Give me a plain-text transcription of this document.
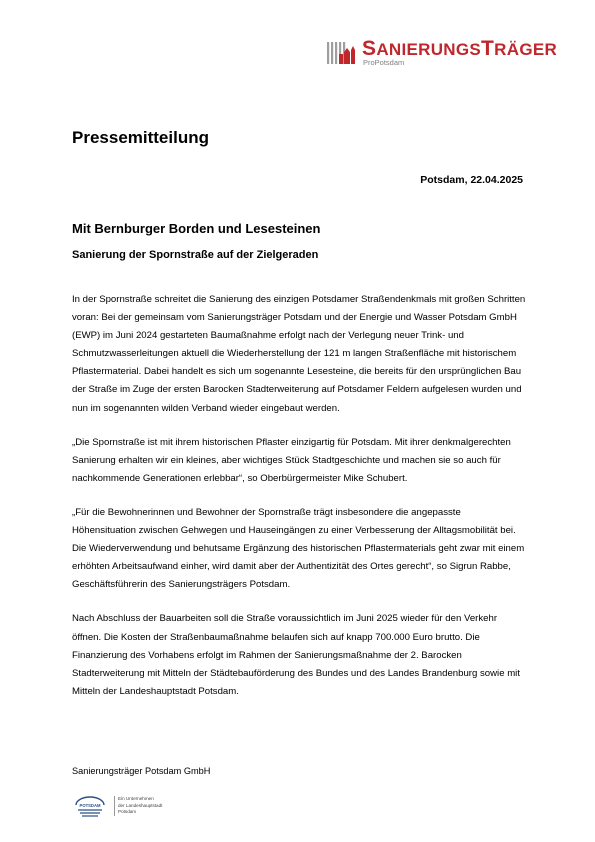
SANIERUNGSTRÄGER
ProPotsdam
Pressemitteilung
Potsdam, 22.04.2025
Mit Bernburger Borden und Lesesteinen
Sanierung der Spornstraße auf der Zielgeraden

In der Spornstraße schreitet die Sanierung des einzigen Potsdamer Straßendenkmals mit großen Schritten voran: Bei der gemeinsam vom Sanierungsträger Potsdam und der Energie und Wasser Potsdam GmbH (EWP) im Juni 2024 gestarteten Baumaßnahme erfolgt nach der Verlegung neuer Trink- und Schmutzwasserleitungen aktuell die Wiederherstellung der 121 m langen Straßenfläche mit historischem Pflastermaterial. Dabei handelt es sich um sogenannte Lesesteine, die bereits für den ursprünglichen Bau der Straße im Zuge der ersten Barocken Stadterweiterung auf Potsdamer Feldern aufgelesen wurden und nun im sogenannten wilden Verband wieder eingebaut werden.

„Die Spornstraße ist mit ihrem historischen Pflaster einzigartig für Potsdam. Mit ihrer denkmalgerechten Sanierung erhalten wir ein kleines, aber wichtiges Stück Stadtgeschichte und machen sie so auch für nachkommende Generationen erlebbar“, so Oberbürgermeister Mike Schubert.

„Für die Bewohnerinnen und Bewohner der Spornstraße trägt insbesondere die angepasste Höhensituation zwischen Gehwegen und Hauseingängen zu einer Verbesserung der Alltagsmobilität bei. Die Wiederverwendung und behutsame Ergänzung des historischen Pflastermaterials geht zwar mit einem erhöhten Arbeitsaufwand einher, wird damit aber der Authentizität des Ortes gerecht“, so Sigrun Rabbe, Geschäftsführerin des Sanierungsträgers Potsdam.

Nach Abschluss der Bauarbeiten soll die Straße voraussichtlich im Juni 2025 wieder für den Verkehr öffnen. Die Kosten der Straßenbaumaßnahme belaufen sich auf knapp 700.000 Euro brutto. Die Finanzierung des Vorhabens erfolgt im Rahmen der Sanierungsmaßnahme der 2. Barocken Stadterweiterung mit Mitteln der Städtebauförderung des Bundes und des Landes Brandenburg sowie mit Mitteln der Landeshauptstadt Potsdam.

Sanierungsträger Potsdam GmbH
POTSDAM
Ein Unternehmen
der Landeshauptstadt
Potsdam
